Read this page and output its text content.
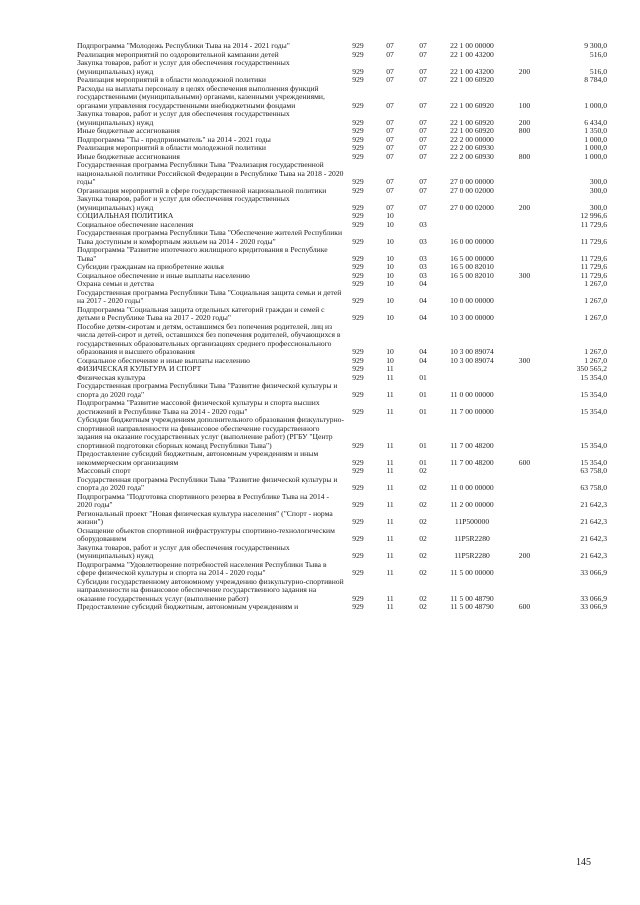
Подпрограмма "Молодежь Республики Тыва на 2014 - 2021 годы"	929	07	07	22 1 00 00000		9 300,0
Реализация мероприятий по оздоровительной кампании детей	929	07	07	22 1 00 43200		516,0
Закупка товаров, работ и услуг для обеспечения государственных (муниципальных) нужд	929	07	07	22 1 00 43200	200	516,0
Реализация мероприятий в области молодежной политики	929	07	07	22 1 00 60920		8 784,0
Расходы на выплаты персоналу в целях обеспечения выполнения функций государственными (муниципальными) органами, казенными учреждениями, органами управления государственными внебюджетными фондами	929	07	07	22 1 00 60920	100	1 000,0
Закупка товаров, работ и услуг для обеспечения государственных (муниципальных) нужд	929	07	07	22 1 00 60920	200	6 434,0
Иные бюджетные ассигнования	929	07	07	22 1 00 60920	800	1 350,0
Подпрограмма "Ты - предприниматель" на 2014 - 2021 годы	929	07	07	22 2 00 00000		1 000,0
Реализация мероприятий в области молодежной политики	929	07	07	22 2 00 60930		1 000,0
Иные бюджетные ассигнования	929	07	07	22 2 00 60930	800	1 000,0
Государственная программа Республики Тыва "Реализация государственной национальной политики Российской Федерации в Республике Тыва на 2018 - 2020 годы"	929	07	07	27 0 00 00000		300,0
Организация мероприятий в сфере государственной национальной политики	929	07	07	27 0 00 02000		300,0
Закупка товаров, работ и услуг для обеспечения государственных (муниципальных) нужд	929	07	07	27 0 00 02000	200	300,0
СОЦИАЛЬНАЯ ПОЛИТИКА	929	10				12 996,6
Социальное обеспечение населения	929	10	03			11 729,6
Государственная программа Республики Тыва "Обеспечение жителей Республики Тыва доступным и комфортным жильем на 2014 - 2020 годы"	929	10	03	16 0 00 00000		11 729,6
Подпрограмма "Развитие ипотечного жилищного кредитования в Республике Тыва"	929	10	03	16 5 00 00000		11 729,6
Субсидии гражданам на приобретение жилья	929	10	03	16 5 00 82010		11 729,6
Социальное обеспечение и иные выплаты населению	929	10	03	16 5 00 82010	300	11 729,6
Охрана семьи и детства	929	10	04			1 267,0
Государственная программа Республики Тыва "Социальная защита семьи и детей на 2017 - 2020 годы"	929	10	04	10 0 00 00000		1 267,0
Подпрограмма "Социальная защита отдельных категорий граждан и семей с детьми в Республике Тыва на 2017 - 2020 годы"	929	10	04	10 3 00 00000		1 267,0
Пособие детям-сиротам и детям, оставшимся без попечения родителей, лиц из числа детей-сирот и детей, оставшихся без попечения родителей, обучающихся в государственных образовательных организациях среднего профессионального образования и высшего образования	929	10	04	10 3 00 89074		1 267,0
Социальное обеспечение и иные выплаты населению	929	10	04	10 3 00 89074	300	1 267,0
ФИЗИЧЕСКАЯ КУЛЬТУРА И СПОРТ	929	11				350 565,2
Физическая культура	929	11	01			15 354,0
Государственная программа Республики Тыва "Развитие физической культуры и спорта до 2020 года"	929	11	01	11 0 00 00000		15 354,0
Подпрограмма "Развитие массовой физической культуры и спорта высших достижений в Республике Тыва на 2014 - 2020 годы"	929	11	01	11 7 00 00000		15 354,0
Субсидии бюджетным учреждениям дополнительного образования физкультурно-спортивной направленности на финансовое обеспечение государственного задания на оказание государственных услуг (выполнение работ) (РГБУ "Центр спортивной подготовки сборных команд Республики Тыва")	929	11	01	11 7 00 48200		15 354,0
Предоставление субсидий бюджетным, автономным учреждениям и иным некоммерческим организациям	929	11	01	11 7 00 48200	600	15 354,0
Массовый спорт	929	11	02			63 758,0
Государственная программа Республики Тыва "Развитие физической культуры и спорта до 2020 года"	929	11	02	11 0 00 00000		63 758,0
Подпрограмма "Подготовка спортивного резерва в Республике Тыва на 2014 - 2020 годы"	929	11	02	11 2 00 00000		21 642,3
Региональный проект "Новая физическая культура населения" ("Спорт - норма жизни")	929	11	02	11Р500000		21 642,3
Оснащение объектов спортивной инфраструктуры спортивно-технологическим оборудованием	929	11	02	11Р5R2280		21 642,3
Закупка товаров, работ и услуг для обеспечения государственных (муниципальных) нужд	929	11	02	11Р5R2280	200	21 642,3
Подпрограмма "Удовлетворение потребностей населения Республики Тыва в сфере физической культуры и спорта на 2014 - 2020 годы"	929	11	02	11 5 00 00000		33 066,9
Субсидии государственному автономному учреждению физкультурно-спортивной направленности на финансовое обеспечение государственного задания на оказание государственных услуг (выполнение работ)	929	11	02	11 5 00 48790		33 066,9
Предоставление субсидий бюджетным, автономным учреждениям и	929	11	02	11 5 00 48790	600	33 066,9
145
